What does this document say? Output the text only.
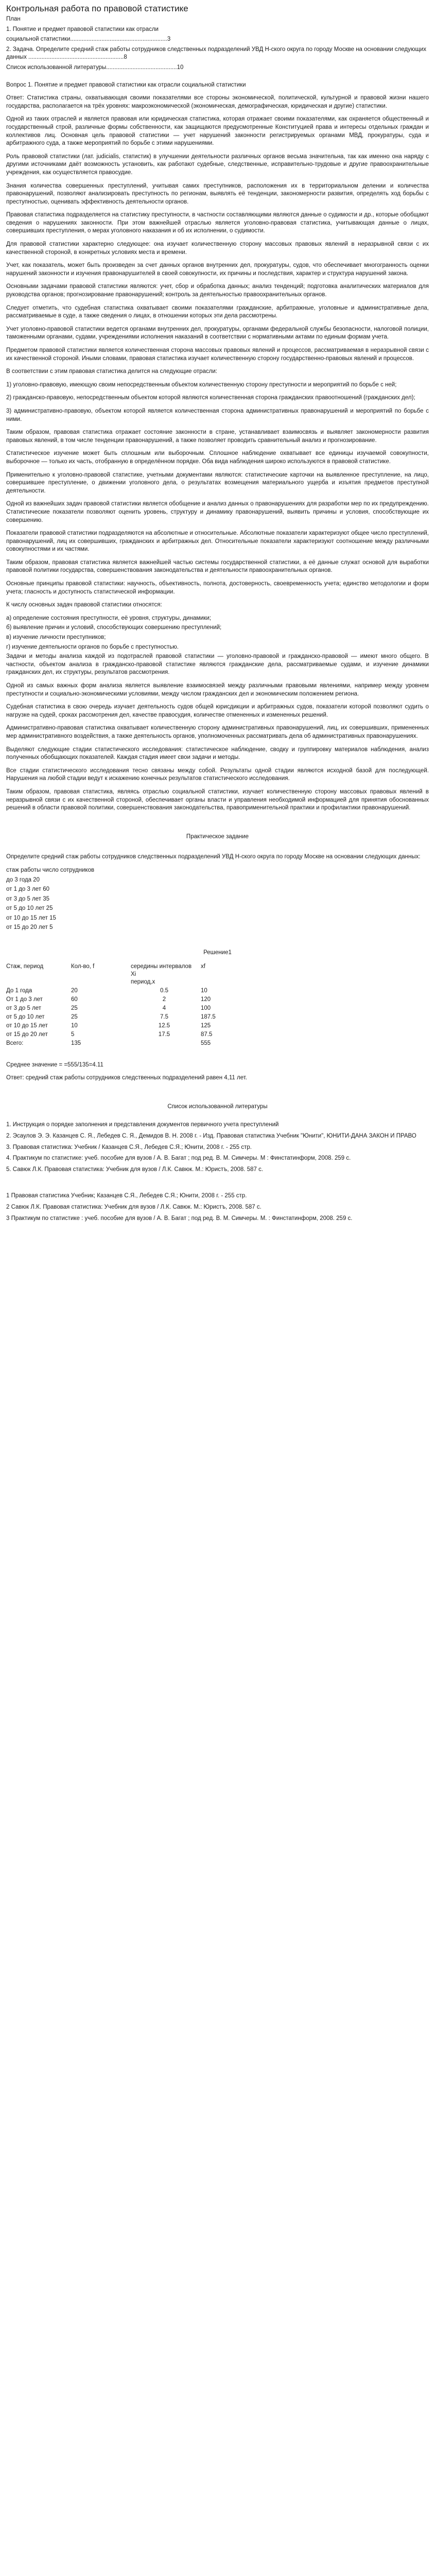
Контрольная работа по правовой статистике

План

1. Понятие и предмет правовой статистики как отрасли

социальной статистики...........................................................3

2. Задача. Определите средний стаж работы сотрудников следственных подразделений УВД Н-ского округа по городу Москве на основании следующих данных ..........................................................8

Список использованной литературы...........................................10

Вопрос 1. Понятие и предмет правовой статистики как отрасли социальной статистики

Ответ: Статистика страны, охватывающая своими показателями все стороны экономической, политической, культурной и правовой жизни нашего государства, располагается на трёх уровнях: макроэкономической (экономическая, демографическая, юридическая и другие) статистики.

Одной из таких отраслей и является правовая или юридическая статистика, которая отражает своими показателями, как охраняется общественный и государственный строй, различные формы собственности, как защищаются предусмотренные Конституцией права и интересы отдельных граждан и коллективов лиц. Основная цель правовой статистики — учет нарушений законности регистрируемых органами МВД, прокуратуры, суда и арбитражного суда, а также мероприятий по борьбе с этими нарушениями.

Роль правовой статистики (лат. judicialis, статистик) в улучшении деятельности различных органов весьма значительна, так как именно она наряду с другими источниками даёт возможность установить, как работают судебные, следственные, исправительно-трудовые и другие правоохранительные учреждения, как осуществляется правосудие.

Знания количества совершенных преступлений, учитывая самих преступников, расположения их в территориальном делении и количества правонарушений, позволяют анализировать преступность по регионам, выявлять её тенденции, закономерности развития, определять ход борьбы с преступностью, оценивать эффективность деятельности органов.

Правовая статистика подразделяется на статистику преступности, в частности составляющими являются данные о судимости и др., которые обобщают сведения о нарушениях законности. При этом важнейшей отраслью является уголовно-правовая статистика, учитывающая данные о лицах, совершивших преступления, о мерах уголовного наказания и об их исполнении, о судимости.

Для правовой статистики характерно следующее: она изучает количественную сторону массовых правовых явлений в неразрывной связи с их качественной стороной, в конкретных условиях места и времени.

Учет, как показатель, может быть произведен за счет данных органов внутренних дел, прокуратуры, судов, что обеспечивает многогранность оценки нарушений законности и изучения правонарушителей в своей совокупности, их причины и последствия, характер и структура нарушений закона.

Основными задачами правовой статистики являются: учет, сбор и обработка данных; анализ тенденций; подготовка аналитических материалов для руководства органов; прогнозирование правонарушений; контроль за деятельностью правоохранительных органов.

Следует отметить, что судебная статистика охватывает своими показателями гражданские, арбитражные, уголовные и административные дела, рассматриваемые в суде, а также сведения о лицах, в отношении которых эти дела рассмотрены.

Учет уголовно-правовой статистики ведется органами внутренних дел, прокуратуры, органами федеральной службы безопасности, налоговой полиции, таможенными органами, судами, учреждениями исполнения наказаний в соответствии с нормативными актами по единым формам учета.

Предметом правовой статистики является количественная сторона массовых правовых явлений и процессов, рассматриваемая в неразрывной связи с их качественной стороной. Иными словами, правовая статистика изучает количественную сторону государственно-правовых явлений и процессов.

В соответствии с этим правовая статистика делится на следующие отрасли:

1) уголовно-правовую, имеющую своим непосредственным объектом количественную сторону преступности и мероприятий по борьбе с ней;

2) гражданско-правовую, непосредственным объектом которой являются количественная сторона гражданских правоотношений (гражданских дел);

3) административно-правовую, объектом которой является количественная сторона административных правонарушений и мероприятий по борьбе с ними.

Таким образом, правовая статистика отражает состояние законности в стране, устанавливает взаимосвязь и выявляет закономерности развития правовых явлений, в том числе тенденции правонарушений, а также позволяет проводить сравнительный анализ и прогнозирование.

Статистическое изучение может быть сплошным или выборочным. Сплошное наблюдение охватывает все единицы изучаемой совокупности, выборочное — только их часть, отобранную в определённом порядке. Оба вида наблюдения широко используются в правовой статистике.

Применительно к уголовно-правовой статистике, учетными документами являются: статистические карточки на выявленное преступление, на лицо, совершившее преступление, о движении уголовного дела, о результатах возмещения материального ущерба и изъятия предметов преступной деятельности.

Одной из важнейших задач правовой статистики является обобщение и анализ данных о правонарушениях для разработки мер по их предупреждению. Статистические показатели позволяют оценить уровень, структуру и динамику правонарушений, выявить причины и условия, способствующие их совершению.

Показатели правовой статистики подразделяются на абсолютные и относительные. Абсолютные показатели характеризуют общее число преступлений, правонарушений, лиц их совершивших, гражданских и арбитражных дел. Относительные показатели характеризуют соотношение между различными совокупностями и их частями.

Таким образом, правовая статистика является важнейшей частью системы государственной статистики, а её данные служат основой для выработки правовой политики государства, совершенствования законодательства и деятельности правоохранительных органов.

Основные принципы правовой статистики: научность, объективность, полнота, достоверность, своевременность учета; единство методологии и форм учета; гласность и доступность статистической информации.

К числу основных задач правовой статистики относятся:

а) определение состояния преступности, её уровня, структуры, динамики;

б) выявление причин и условий, способствующих совершению преступлений;

в) изучение личности преступников;

г) изучение деятельности органов по борьбе с преступностью.

Задачи и методы анализа каждой из подотраслей правовой статистики — уголовно-правовой и гражданско-правовой — имеют много общего. В частности, объектом анализа в гражданско-правовой статистике являются гражданские дела, рассматриваемые судами, и изучение динамики гражданских дел, их структуры, результатов рассмотрения.

Одной из самых важных форм анализа является выявление взаимосвязей между различными правовыми явлениями, например между уровнем преступности и социально-экономическими условиями, между числом гражданских дел и экономическим положением региона.

Судебная статистика в свою очередь изучает деятельность судов общей юрисдикции и арбитражных судов, показатели которой позволяют судить о нагрузке на судей, сроках рассмотрения дел, качестве правосудия, количестве отмененных и измененных решений.

Административно-правовая статистика охватывает количественную сторону административных правонарушений, лиц, их совершивших, примененных мер административного воздействия, а также деятельность органов, уполномоченных рассматривать дела об административных правонарушениях.

Выделяют следующие стадии статистического исследования: статистическое наблюдение, сводку и группировку материалов наблюдения, анализ полученных обобщающих показателей. Каждая стадия имеет свои задачи и методы.

Все стадии статистического исследования тесно связаны между собой. Результаты одной стадии являются исходной базой для последующей. Нарушения на любой стадии ведут к искажению конечных результатов статистического исследования.

Таким образом, правовая статистика, являясь отраслью социальной статистики, изучает количественную сторону массовых правовых явлений в неразрывной связи с их качественной стороной, обеспечивает органы власти и управления необходимой информацией для принятия обоснованных решений в области правовой политики, совершенствования законодательства, правоприменительной практики и профилактики правонарушений.

Практическое задание

Определите средний стаж работы сотрудников следственных подразделений УВД Н-ского округа по городу Москве на основании следующих данных:

стаж работы число сотрудников

до 3 года 20

от 1 до 3 лет 60

от 3 до 5 лет 35

от 5 до 10 лет 25

от 10 до 15 лет 15

от 15 до 20 лет 5

Решение1

Стаж, период	Кол-во, f	середины интервалов Xi
период,x	xf
До 1 года	20	0.5	10
От 1 до 3 лет	60	2	120
от 3 до 5 лет	25	4	100
от 5 до 10 лет	25	7.5	187.5
от 10 до 15 лет	10	12.5	125
от 15 до 20 лет	5	17.5	87.5
Всего:	135		555

Среднее значение = =555/135=4.11

Ответ: средний стаж работы сотрудников следственных подразделений равен 4,11 лет.

Список использованной литературы

1. Инструкция о порядке заполнения и представления документов первичного учета преступлений

2. Эсаулов Э. Э. Казанцев С. Я., Лебедев С. Я., Демидов В. Н. 2008 г. - Изд. Правовая статистика Учебник "Юнити", ЮНИТИ-ДАНА ЗАКОН И ПРАВО

3. Правовая статистика: Учебник / Казанцев С.Я., Лебедев С.Я.; Юнити, 2008 г. - 255 стр.

4. Практикум по статистике: учеб. пособие для вузов / А. В. Багат ; под ред. В. М. Симчеры. М : Финстатинформ, 2008. 259 с.

5. Савюк Л.К. Правовая статистика: Учебник для вузов / Л.К. Савюк. М.: Юристъ, 2008. 587 с.

1 Правовая статистика Учебник; Казанцев С.Я., Лебедев С.Я.; Юнити, 2008 г. - 255 стр.

2 Савюк Л.К. Правовая статистика: Учебник для вузов / Л.К. Савюк. М.: Юристъ, 2008. 587 с.

3 Практикум по статистике : учеб. пособие для вузов / А. В. Багат ; под ред. В. М. Симчеры. М. : Финстатинформ, 2008. 259 с.
